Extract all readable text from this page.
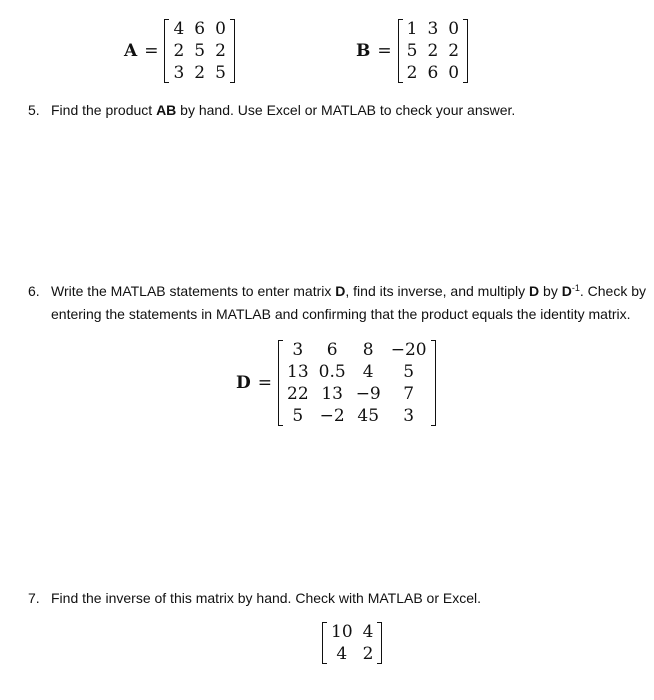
A =
4	6	0
2	5	2
3	2	5
B =
1	3	0
5	2	2
2	6	0
5. Find the product AB by hand. Use Excel or MATLAB to check your answer.
6. Write the MATLAB statements to enter matrix D, find its inverse, and multiply D by $D^{-1}$. Check by entering the statements in MATLAB and confirming that the product equals the identity matrix.
D =
3	6	8	−20
13	0.5	4	5
22	13	−9	7
5	−2	45	3
7. Find the inverse of this matrix by hand. Check with MATLAB or Excel.
10	4
4	2
